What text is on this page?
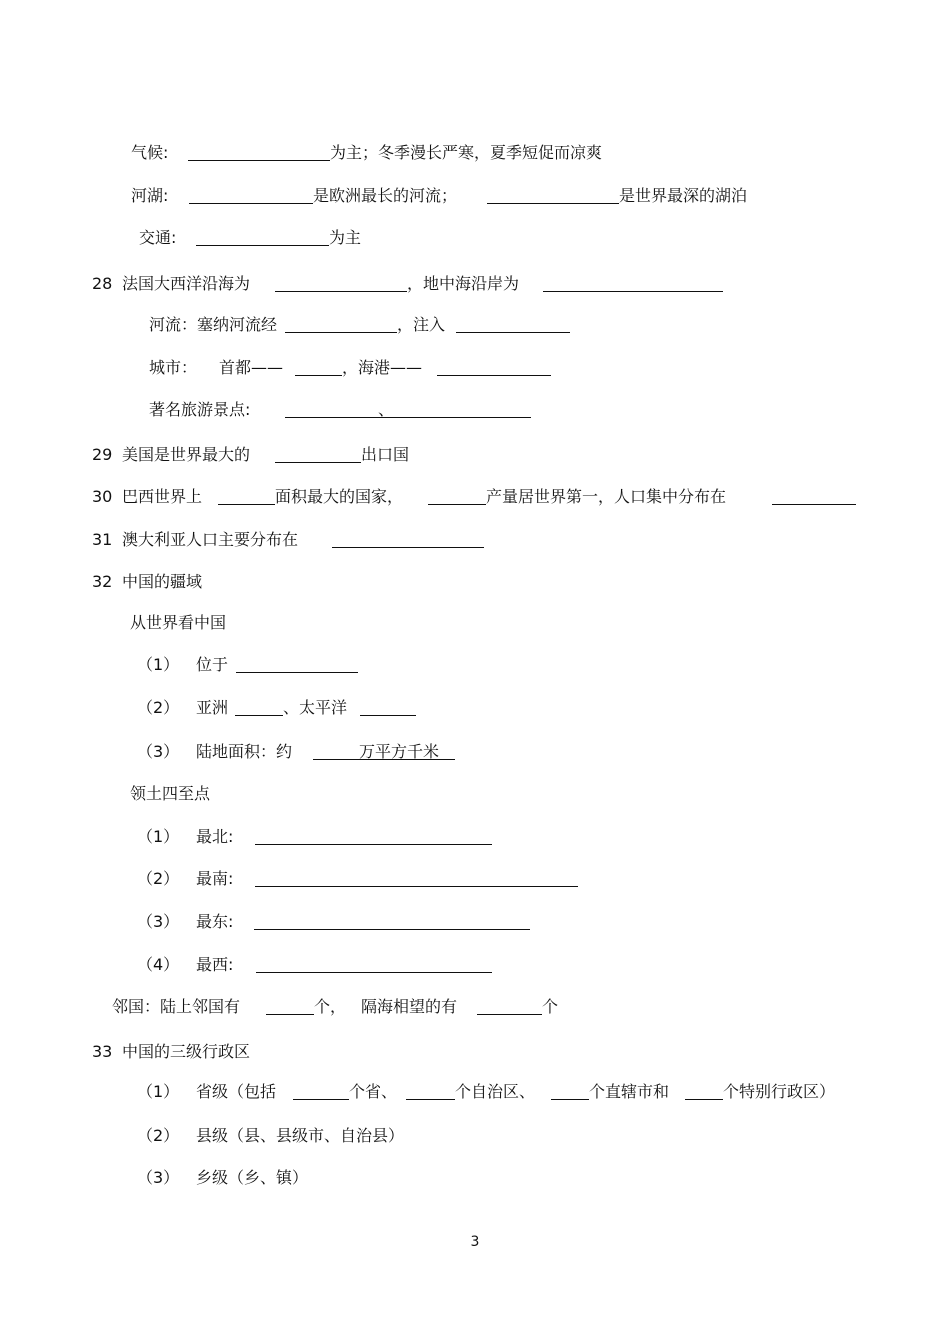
气候:	为主；冬季漫长严寒，夏季短促而凉爽
河湖:	是欧洲最长的河流；	是世界最深的湖泊
交通:	为主
28 法国大西洋沿海为	，地中海沿岸为
河流：塞纳河流经	，注入
城市： 首都——	，海港——
著名旅游景点:	、
29 美国是世界最大的	出口国
30 巴西世界上	面积最大的国家，	产量居世界第一，人口集中分布在
31 澳大利亚人口主要分布在
32 中国的疆域
从世界看中国
（1） 位于
（2） 亚洲	、太平洋
（3） 陆地面积：约	万平方千米
领土四至点
（1） 最北:
（2） 最南:
（3） 最东:
（4） 最西:
邻国：陆上邻国有	个， 隔海相望的有	个
33 中国的三级行政区
（1） 省级（包括	个省、	个自治区、	个直辖市和	个特别行政区）
（2） 县级（县、县级市、自治县）
（3） 乡级（乡、镇）
3
